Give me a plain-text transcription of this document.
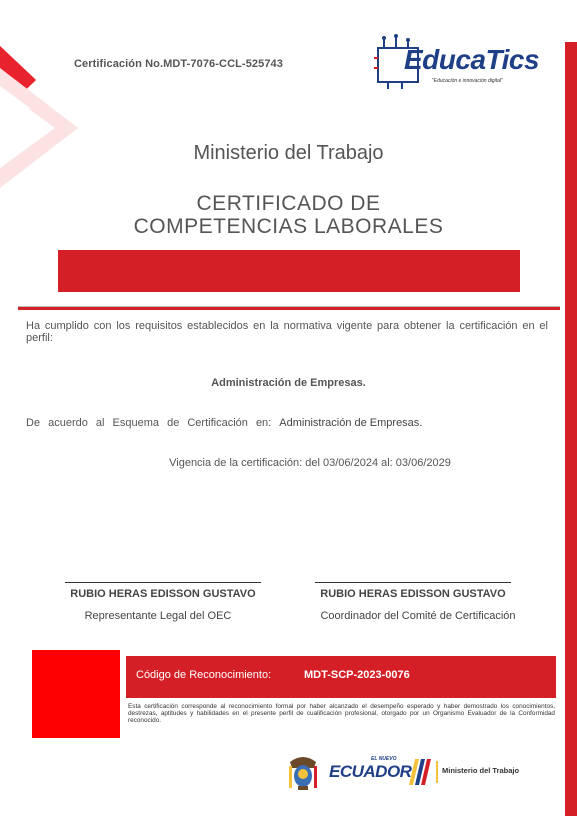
Certificación No.MDT-7076-CCL-525743	EducaTics
"Educación e innovación digital"
Ministerio del Trabajo
CERTIFICADO DE
COMPETENCIAS LABORALES
Ha cumplido con los requisitos establecidos en la normativa vigente para obtener la certificación en el perfil:
Administración de Empresas.
De acuerdo al Esquema de Certificación en: Administración de Empresas.
Vigencia de la certificación: del 03/06/2024 al: 03/06/2029
RUBIO HERAS EDISSON GUSTAVO
Representante Legal del OEC
RUBIO HERAS EDISSON GUSTAVO
Coordinador del Comité de Certificación
Código de Reconocimiento:	MDT-SCP-2023-0076
Esta certificación corresponde al reconocimiento formal por haber alcanzado el desempeño esperado y haber demostrado los conocimientos, destrezas, aptitudes y habilidades en el presente perfil de cualificación profesional, otorgado por un Organismo Evaluador de la Conformidad reconocido.
EL NUEVO
ECUADOR	Ministerio del Trabajo
